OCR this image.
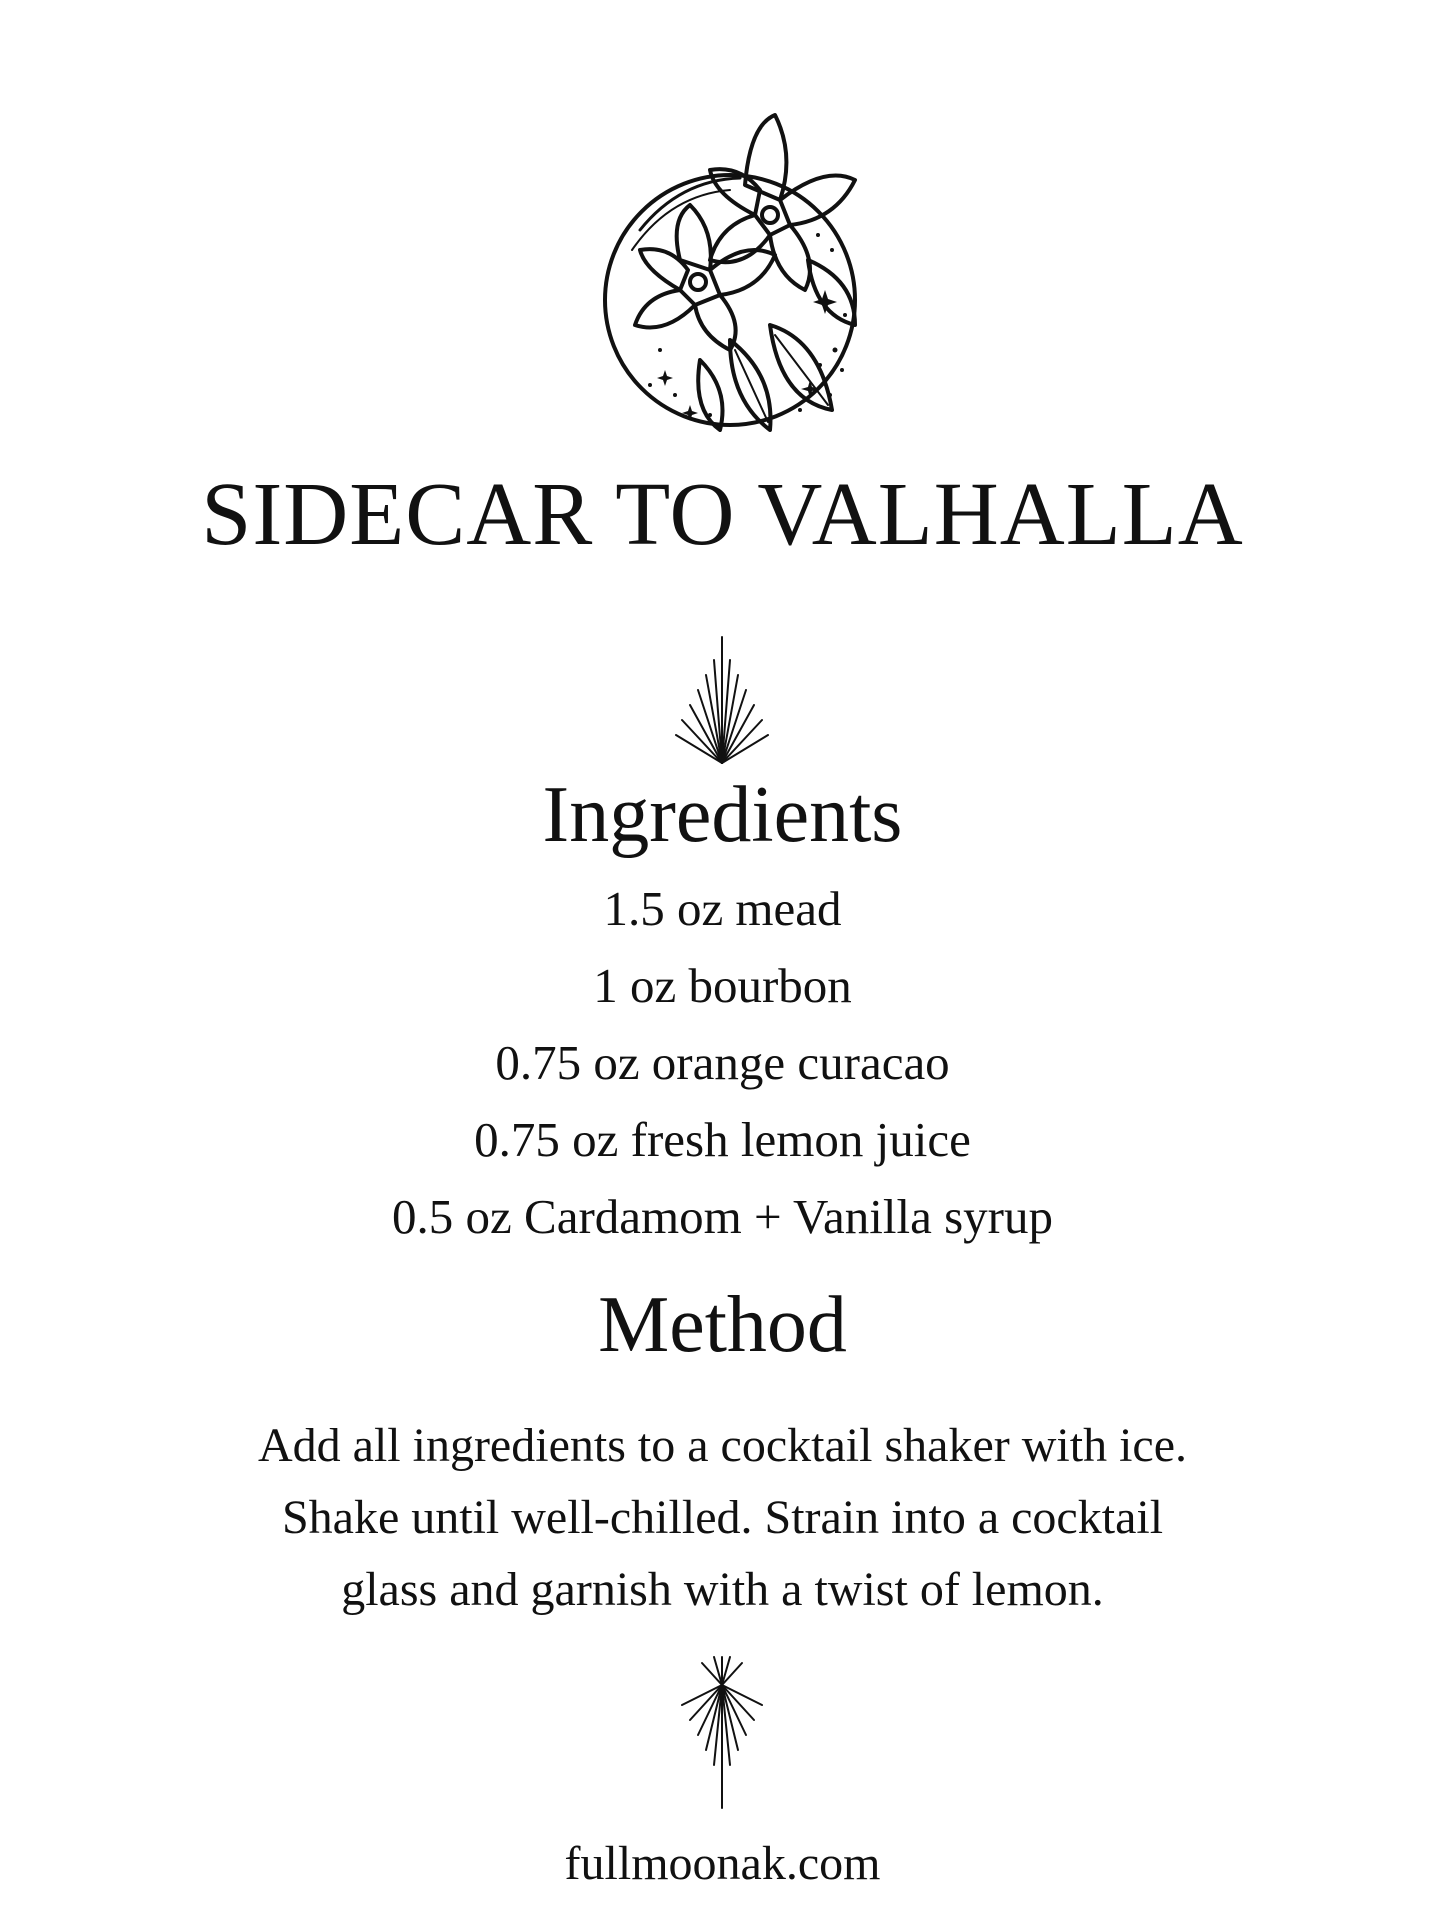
SIDECAR TO VALHALLA
Ingredients
1.5 oz mead
1 oz bourbon
0.75 oz orange curacao
0.75 oz fresh lemon juice
0.5 oz Cardamom + Vanilla syrup
Method
Add all ingredients to a cocktail shaker with ice.
Shake until well-chilled. Strain into a cocktail
glass and garnish with a twist of lemon.
fullmoonak.com
